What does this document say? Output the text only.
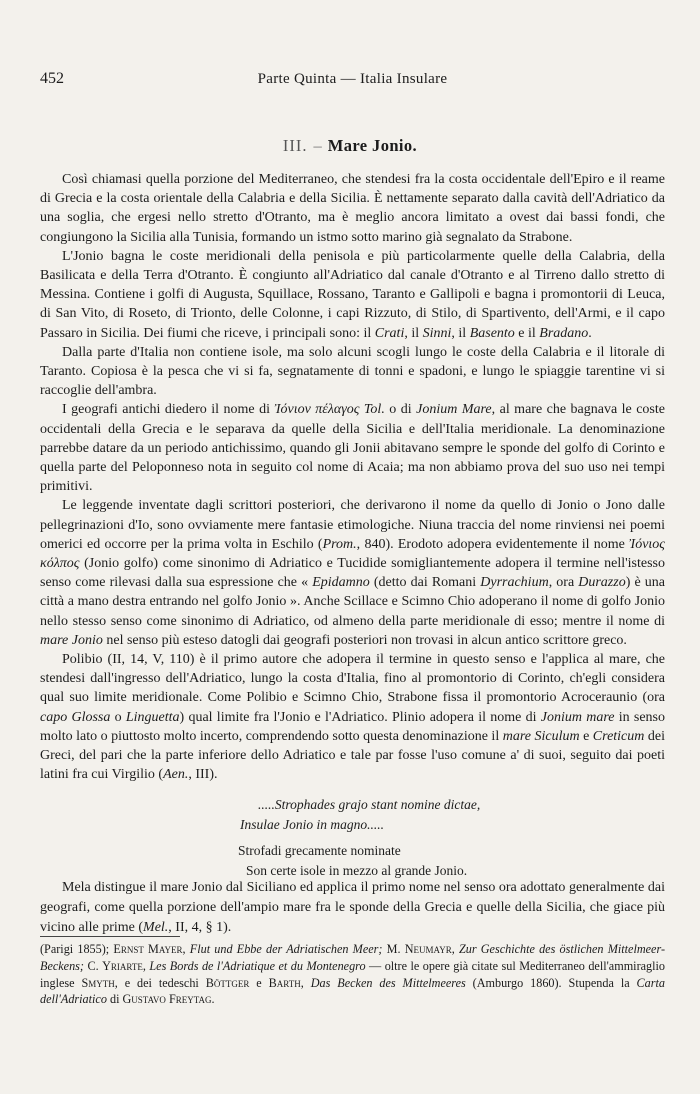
452	Parte Quinta — Italia Insulare
III. – Mare Jonio.

Così chiamasi quella porzione del Mediterraneo, che stendesi fra la costa occidentale dell'Epiro e il reame di Grecia e la costa orientale della Calabria e della Sicilia. È nettamente separato dalla cavità dell'Adriatico da una soglia, che ergesi nello stretto d'Otranto, ma è meglio ancora limitato a ovest dai bassi fondi, che congiungono la Sicilia alla Tunisia, formando un istmo sotto marino già segnalato da Strabone.

L'Jonio bagna le coste meridionali della penisola e più particolarmente quelle della Calabria, della Basilicata e della Terra d'Otranto. È congiunto all'Adriatico dal canale d'Otranto e al Tirreno dallo stretto di Messina. Contiene i golfi di Augusta, Squillace, Rossano, Taranto e Gallipoli e bagna i promontorii di Leuca, di San Vito, di Roseto, di Trionto, delle Colonne, i capi Rizzuto, di Stilo, di Spartivento, dell'Armi, e il capo Passaro in Sicilia. Dei fiumi che riceve, i principali sono: il Crati, il Sinni, il Basento e il Bradano.

Dalla parte d'Italia non contiene isole, ma solo alcuni scogli lungo le coste della Calabria e il litorale di Taranto. Copiosa è la pesca che vi si fa, segnatamente di tonni e spadoni, e lungo le spiaggie tarentine vi si raccoglie dell'ambra.

I geografi antichi diedero il nome di Ἰόνιον πέλαγος Tol. o di Jonium Mare, al mare che bagnava le coste occidentali della Grecia e le separava da quelle della Sicilia e dell'Italia meridionale. La denominazione parrebbe datare da un periodo antichissimo, quando gli Jonii abitavano sempre le sponde del golfo di Corinto e quella parte del Peloponneso nota in seguito col nome di Acaia; ma non abbiamo prova del suo uso nei tempi primitivi.

Le leggende inventate dagli scrittori posteriori, che derivarono il nome da quello di Jonio o Jono dalle pellegrinazioni d'Io, sono ovviamente mere fantasie etimologiche. Niuna traccia del nome rinviensi nei poemi omerici ed occorre per la prima volta in Eschilo (Prom., 840). Erodoto adopera evidentemente il nome Ἰόνιος κόλπος (Jonio golfo) come sinonimo di Adriatico e Tucidide somigliantemente adopera il termine nell'istesso senso come rilevasi dalla sua espressione che « Epidamno (detto dai Romani Dyrrachium, ora Durazzo) è una città a mano destra entrando nel golfo Jonio ». Anche Scillace e Scimno Chio adoperano il nome di golfo Jonio nello stesso senso come sinonimo di Adriatico, od almeno della parte meridionale di esso; mentre il nome di mare Jonio nel senso più esteso datogli dai geografi posteriori non trovasi in alcun antico scrittore greco.

Polibio (II, 14, V, 110) è il primo autore che adopera il termine in questo senso e l'applica al mare, che stendesi dall'ingresso dell'Adriatico, lungo la costa d'Italia, fino al promontorio di Corinto, ch'egli considera qual suo limite meridionale. Come Polibio e Scimno Chio, Strabone fissa il promontorio Acroceraunio (ora capo Glossa o Linguetta) qual limite fra l'Jonio e l'Adriatico. Plinio adopera il nome di Jonium mare in senso molto lato o piuttosto molto incerto, comprendendo sotto questa denominazione il mare Siculum e Creticum dei Greci, del pari che la parte inferiore dello Adriatico e tale par fosse l'uso comune a' di suoi, seguito dai poeti latini fra cui Virgilio (Aen., III).

.....Strophades grajo stant nomine dictae,
Insulae Jonio in magno.....
Strofadi grecamente nominate
Son certe isole in mezzo al grande Jonio.

Mela distingue il mare Jonio dal Siciliano ed applica il primo nome nel senso ora adottato generalmente dai geografi, come quella porzione dell'ampio mare fra le sponde della Grecia e quelle della Sicilia, che giace più vicino alle prime (Mel., II, 4, § 1).

(Parigi 1855); Ernst Mayer, Flut und Ebbe der Adriatischen Meer; M. Neumayr, Zur Geschichte des östlichen Mittelmeer-Beckens; C. Yriarte, Les Bords de l'Adriatique et du Montenegro — oltre le opere già citate sul Mediterraneo dell'ammiraglio inglese Smyth, e dei tedeschi Böttger e Barth, Das Becken des Mittelmeeres (Amburgo 1860). Stupenda la Carta dell'Adriatico di Gustavo Freytag.
